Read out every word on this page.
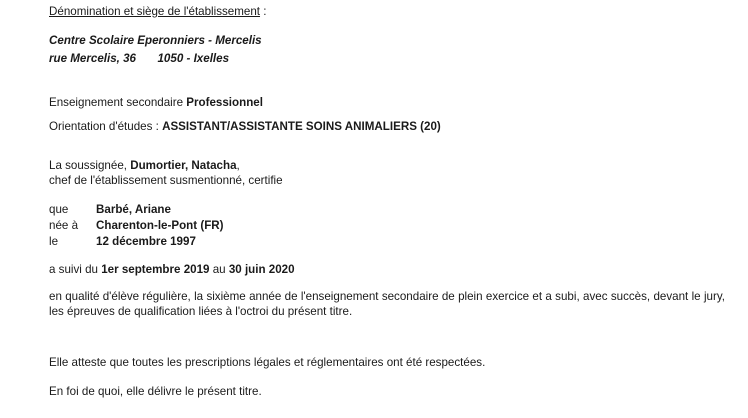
Dénomination et siège de l'établissement :
Centre Scolaire Eperonniers - Mercelis
rue Mercelis, 36 1050 - Ixelles
Enseignement secondaire Professionnel
Orientation d'études : ASSISTANT/ASSISTANTE SOINS ANIMALIERS (20)
La soussignée, Dumortier, Natacha,
chef de l'établissement susmentionné, certifie
que Barbé, Ariane
née à Charenton-le-Pont (FR)
le	12 décembre 1997
a suivi du 1er septembre 2019 au 30 juin 2020
en qualité d'élève régulière, la sixième année de l'enseignement secondaire de plein exercice et a subi, avec succès, devant le jury, les épreuves de qualification liées à l'octroi du présent titre.
Elle atteste que toutes les prescriptions légales et réglementaires ont été respectées.
En foi de quoi, elle délivre le présent titre.
